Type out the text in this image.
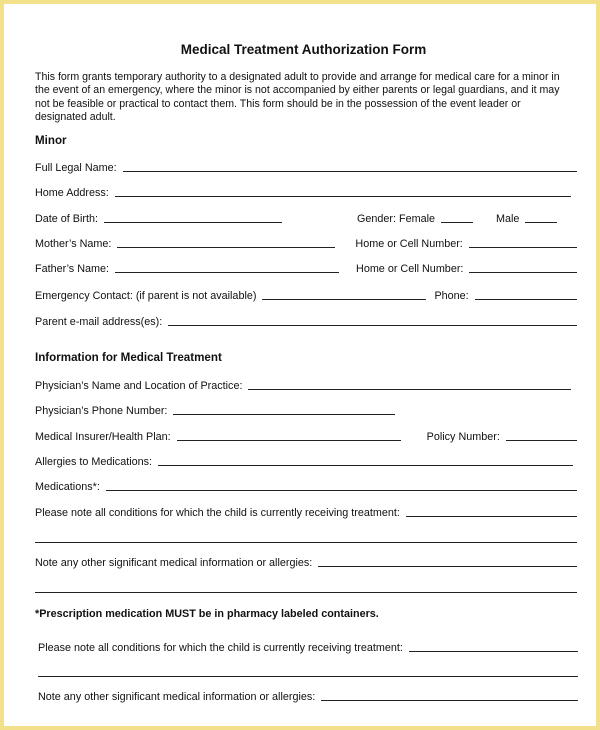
Medical Treatment Authorization Form
This form grants temporary authority to a designated adult to provide and arrange for medical care for a minor in the event of an emergency, where the minor is not accompanied by either parents or legal guardians, and it may not be feasible or practical to contact them. This form should be in the possession of the event leader or designated adult.
Minor
Full Legal Name:
Home Address:
Date of Birth:	Gender: Female	Male
Mother’s Name:	Home or Cell Number:
Father’s Name:	Home or Cell Number:
Emergency Contact: (if parent is not available)	Phone:
Parent e-mail address(es):
Information for Medical Treatment
Physician’s Name and Location of Practice:
Physician’s Phone Number:
Medical Insurer/Health Plan:	Policy Number:
Allergies to Medications:
Medications*:
Please note all conditions for which the child is currently receiving treatment:
Note any other significant medical information or allergies:
*Prescription medication MUST be in pharmacy labeled containers.
Please note all conditions for which the child is currently receiving treatment:
Note any other significant medical information or allergies:
